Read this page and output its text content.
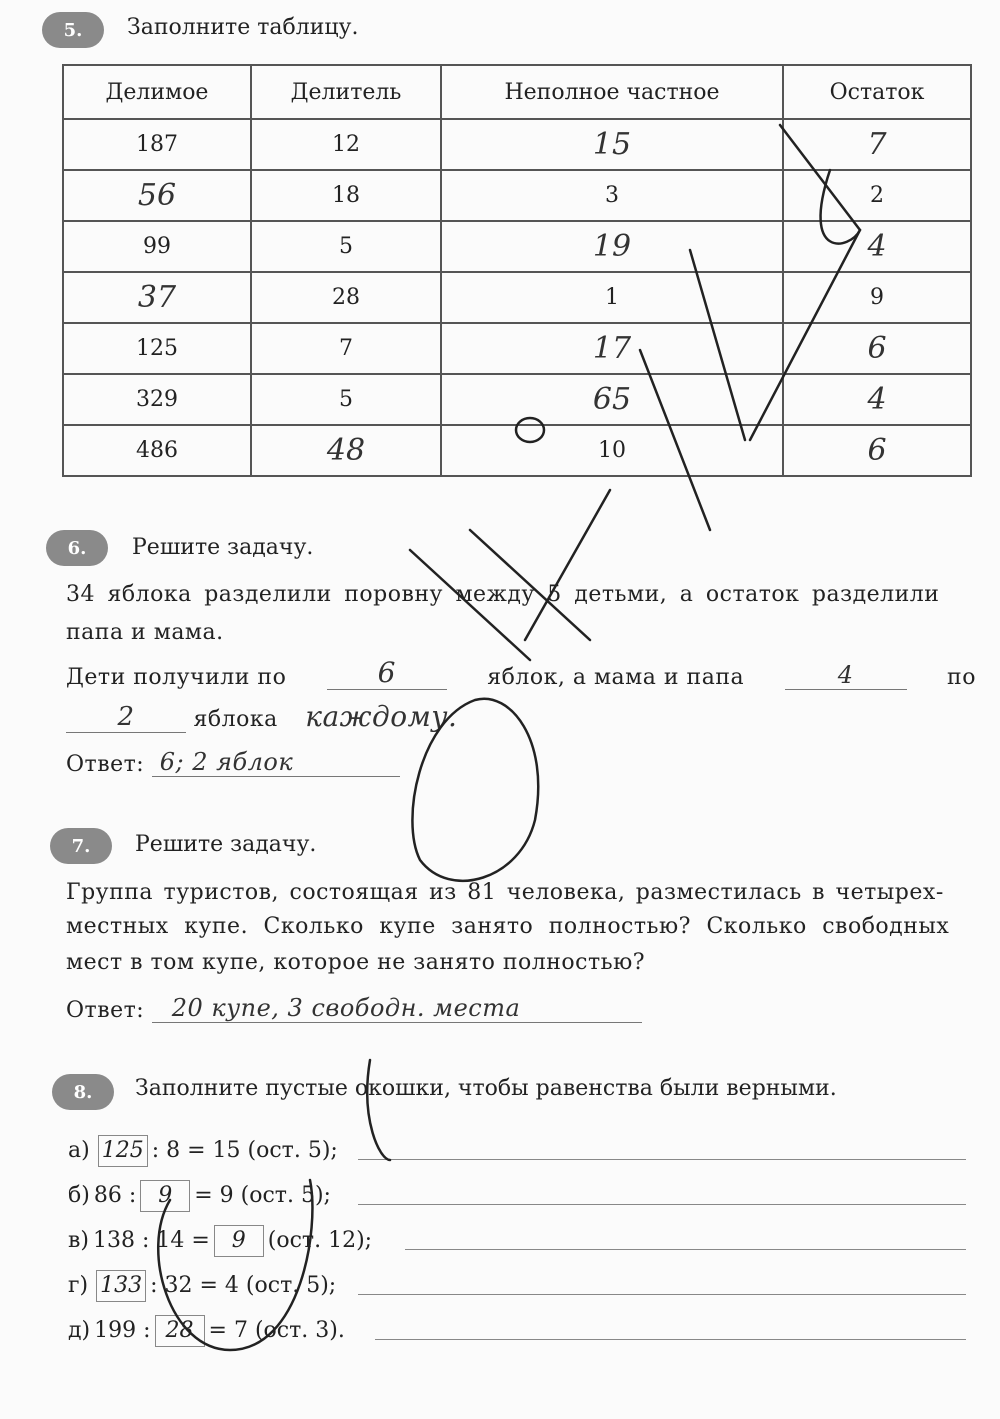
5.	Заполните таблицу.
Делимое	Делитель	Неполное частное	Остаток
187	12	15	7
56	18	3	2
99	5	19	4
37	28	1	9
125	7	17	6
329	5	65	4
486	48	10	6
6.	Решите задачу.
34 яблока разделили поровну между 5 детьми, а остаток разделили
папа и мама.
Дети получили по	6	яблок, а мама и папа	4	по
2	яблока каждому.
Ответ: 6; 2 яблок
7.	Решите задачу.
Группа туристов, состоящая из 81 человека, разместилась в четырех-
местных купе. Сколько купе занято полностью? Сколько свободных
мест в том купе, которое не занято полностью?
Ответ: 20 купе, 3 свободн. места
8.	Заполните пустые окошки, чтобы равенства были верными.
а) 125 : 8 = 15 (ост. 5);
б) 86 : 9 = 9 (ост. 5);
в) 138 : 14 = 9 (ост. 12);
г) 133 : 32 = 4 (ост. 5);
д) 199 : 28 = 7 (ост. 3).
